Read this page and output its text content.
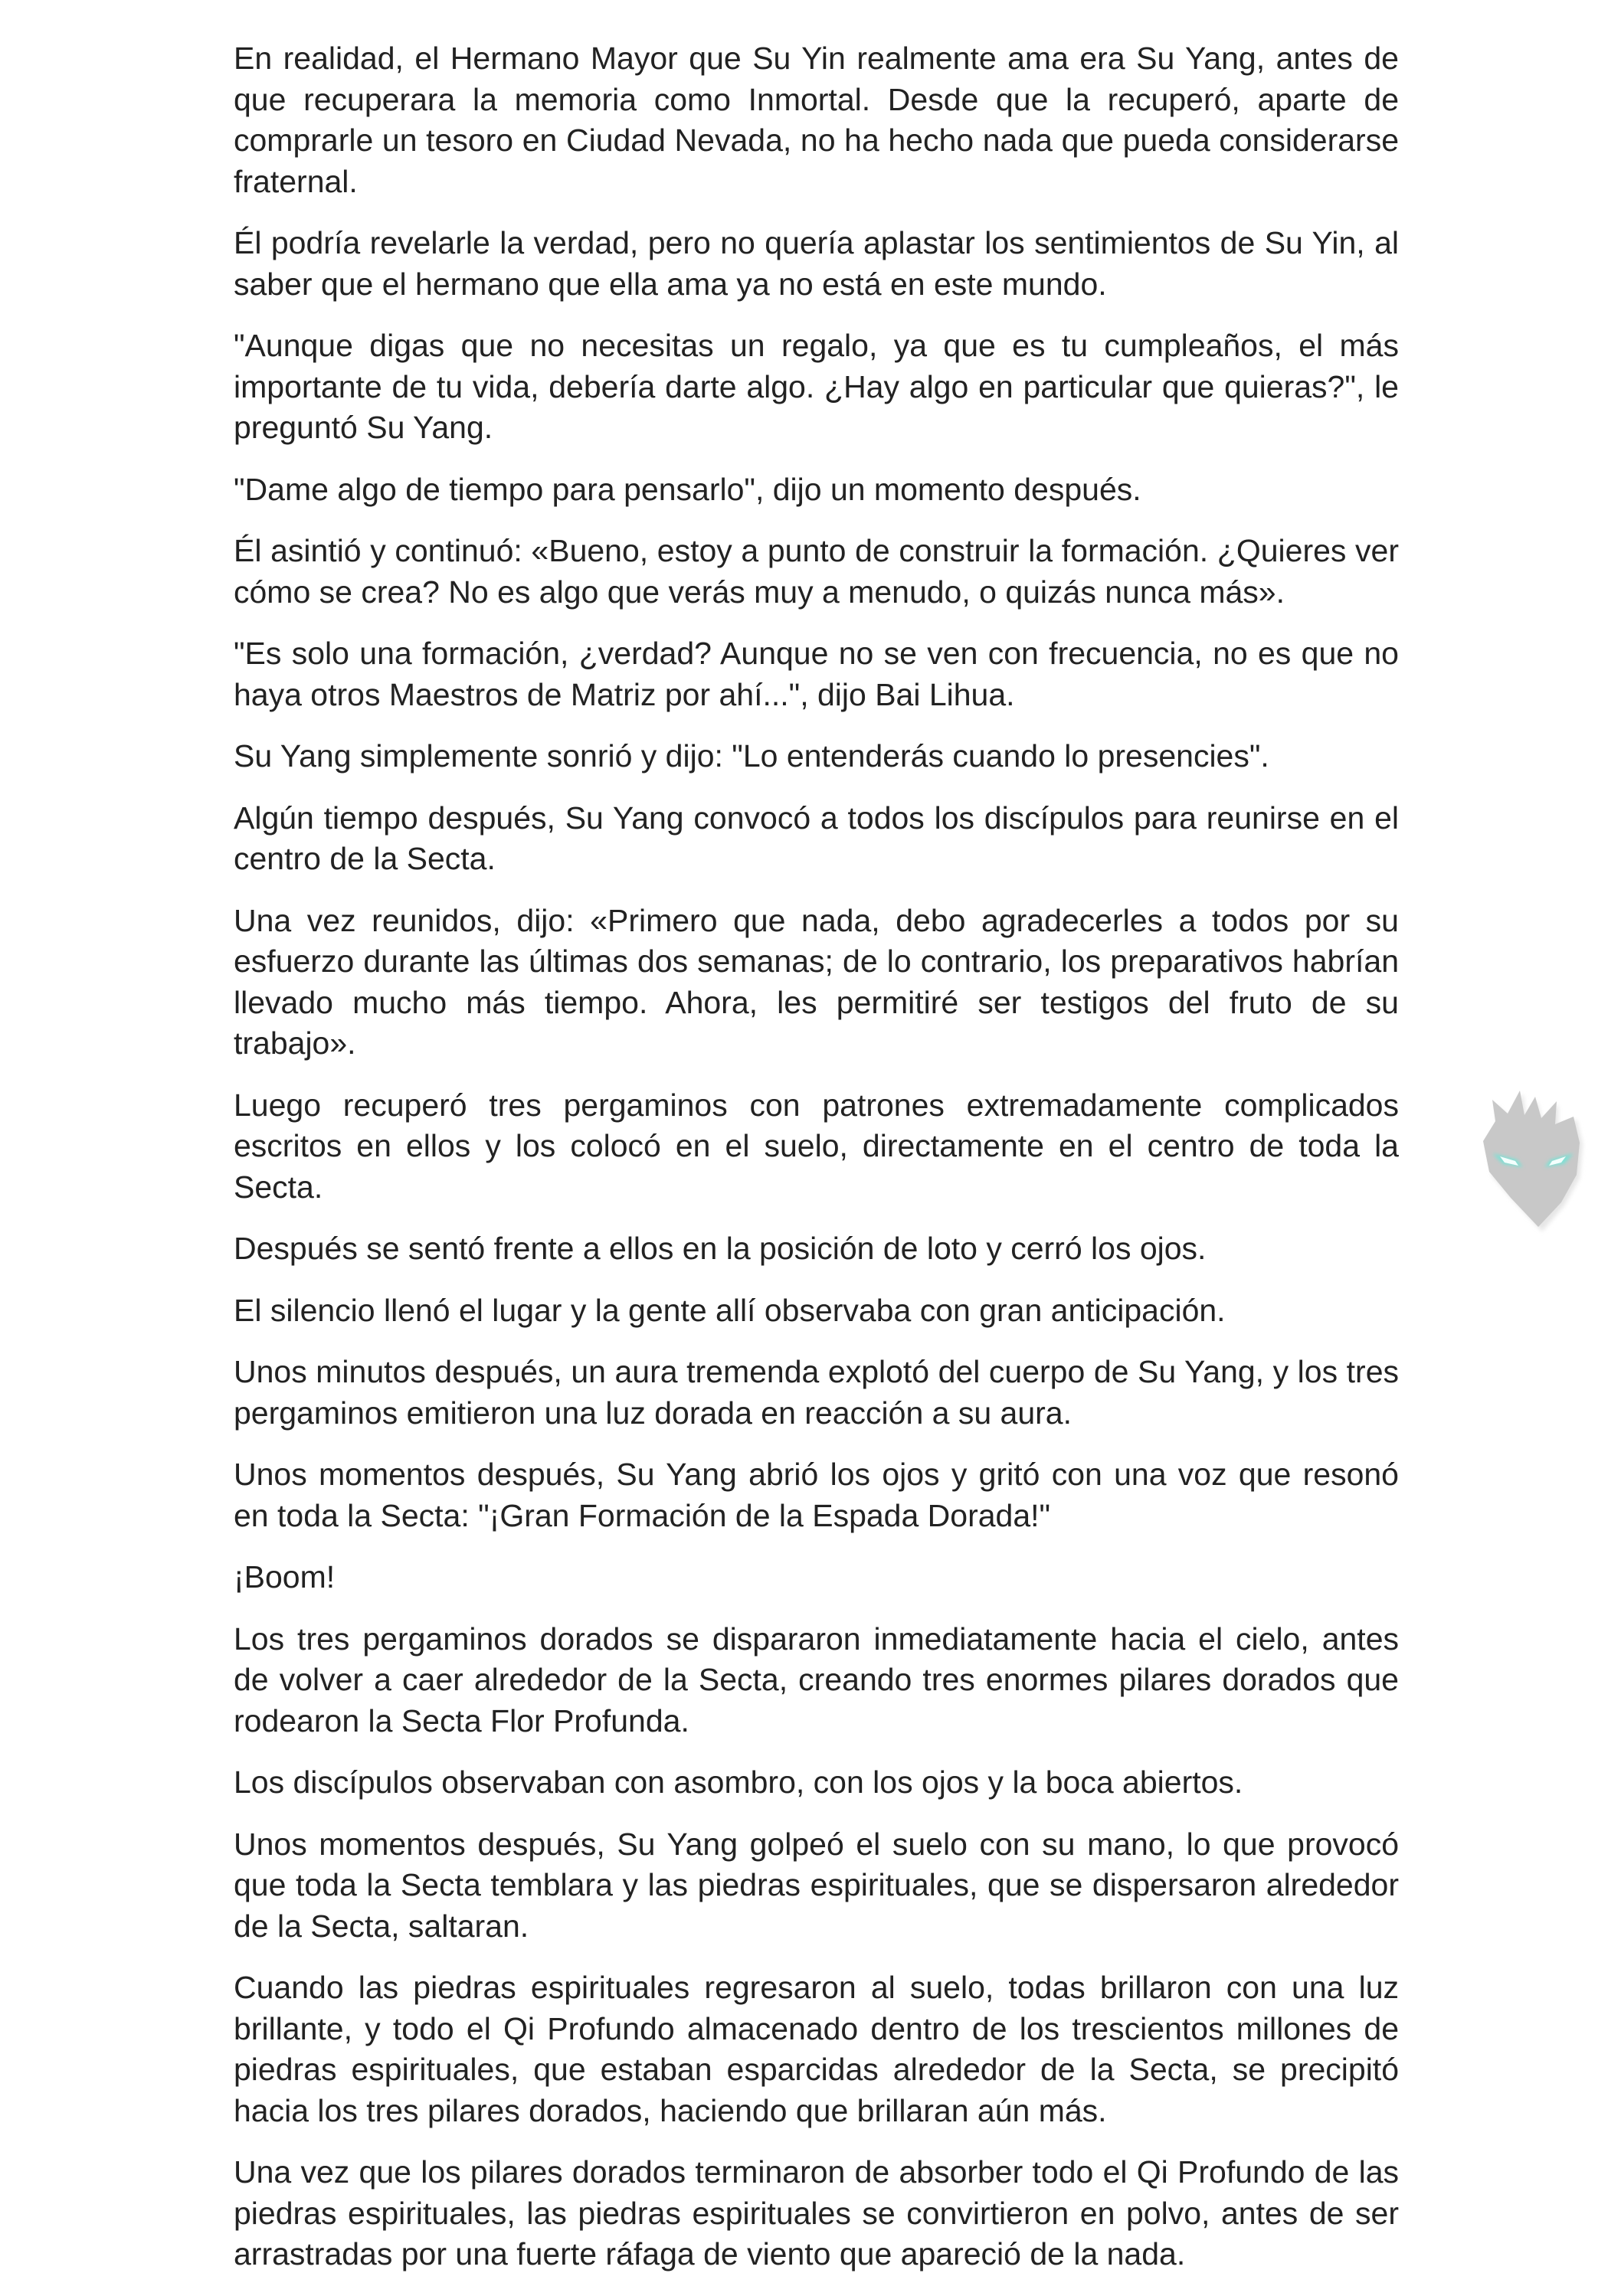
En realidad, el Hermano Mayor que Su Yin realmente ama era Su Yang, antes de que recuperara la memoria como Inmortal. Desde que la recuperó, aparte de comprarle un tesoro en Ciudad Nevada, no ha hecho nada que pueda considerarse fraternal.

Él podría revelarle la verdad, pero no quería aplastar los sentimientos de Su Yin, al saber que el hermano que ella ama ya no está en este mundo.

"Aunque digas que no necesitas un regalo, ya que es tu cumpleaños, el más importante de tu vida, debería darte algo. ¿Hay algo en particular que quieras?", le preguntó Su Yang.

"Dame algo de tiempo para pensarlo", dijo un momento después.

Él asintió y continuó: «Bueno, estoy a punto de construir la formación. ¿Quieres ver cómo se crea? No es algo que verás muy a menudo, o quizás nunca más».

"Es solo una formación, ¿verdad? Aunque no se ven con frecuencia, no es que no haya otros Maestros de Matriz por ahí...", dijo Bai Lihua.

Su Yang simplemente sonrió y dijo: "Lo entenderás cuando lo presencies".

Algún tiempo después, Su Yang convocó a todos los discípulos para reunirse en el centro de la Secta.

Una vez reunidos, dijo: «Primero que nada, debo agradecerles a todos por su esfuerzo durante las últimas dos semanas; de lo contrario, los preparativos habrían llevado mucho más tiempo. Ahora, les permitiré ser testigos del fruto de su trabajo».

Luego recuperó tres pergaminos con patrones extremadamente complicados escritos en ellos y los colocó en el suelo, directamente en el centro de toda la Secta.

Después se sentó frente a ellos en la posición de loto y cerró los ojos.

El silencio llenó el lugar y la gente allí observaba con gran anticipación.

Unos minutos después, un aura tremenda explotó del cuerpo de Su Yang, y los tres pergaminos emitieron una luz dorada en reacción a su aura.

Unos momentos después, Su Yang abrió los ojos y gritó con una voz que resonó en toda la Secta: "¡Gran Formación de la Espada Dorada!"

¡Boom!

Los tres pergaminos dorados se dispararon inmediatamente hacia el cielo, antes de volver a caer alrededor de la Secta, creando tres enormes pilares dorados que rodearon la Secta Flor Profunda.

Los discípulos observaban con asombro, con los ojos y la boca abiertos.

Unos momentos después, Su Yang golpeó el suelo con su mano, lo que provocó que toda la Secta temblara y las piedras espirituales, que se dispersaron alrededor de la Secta, saltaran.

Cuando las piedras espirituales regresaron al suelo, todas brillaron con una luz brillante, y todo el Qi Profundo almacenado dentro de los trescientos millones de piedras espirituales, que estaban esparcidas alrededor de la Secta, se precipitó hacia los tres pilares dorados, haciendo que brillaran aún más.

Una vez que los pilares dorados terminaron de absorber todo el Qi Profundo de las piedras espirituales, las piedras espirituales se convirtieron en polvo, antes de ser arrastradas por una fuerte ráfaga de viento que apareció de la nada.
